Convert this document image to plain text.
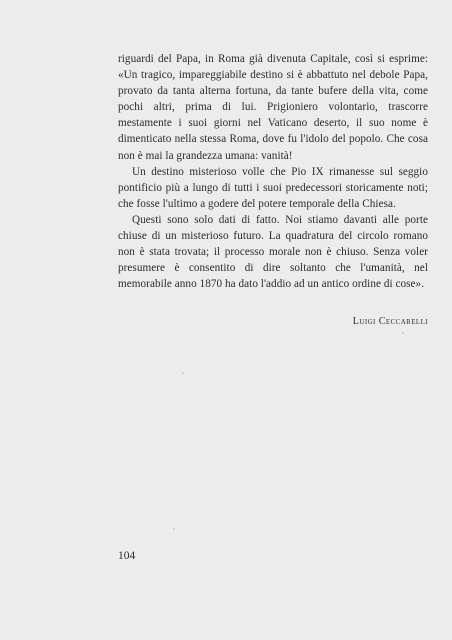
riguardi del Papa, in Roma già divenuta Capitale, così si esprime: «Un tragico, impareggiabile destino si è abbattuto nel debole Papa, provato da tanta alterna fortuna, da tante bufere della vita, come pochi altri, prima di lui. Prigioniero volontario, trascorre mestamente i suoi giorni nel Vaticano deserto, il suo nome è dimenticato nella stessa Roma, dove fu l'idolo del popolo. Che cosa non è mai la grandezza umana: vanità!

Un destino misterioso volle che Pio IX rimanesse sul seggio pontificio più a lungo di tutti i suoi predecessori storicamente noti; che fosse l'ultimo a godere del potere temporale della Chiesa.

Questi sono solo dati di fatto. Noi stiamo davanti alle porte chiuse di un misterioso futuro. La quadratura del circolo romano non è stata trovata; il processo morale non è chiuso. Senza voler presumere è consentito di dire soltanto che l'umanità, nel memorabile anno 1870 ha dato l'addio ad un antico ordine di cose».

Luigi Ceccarelli
104
